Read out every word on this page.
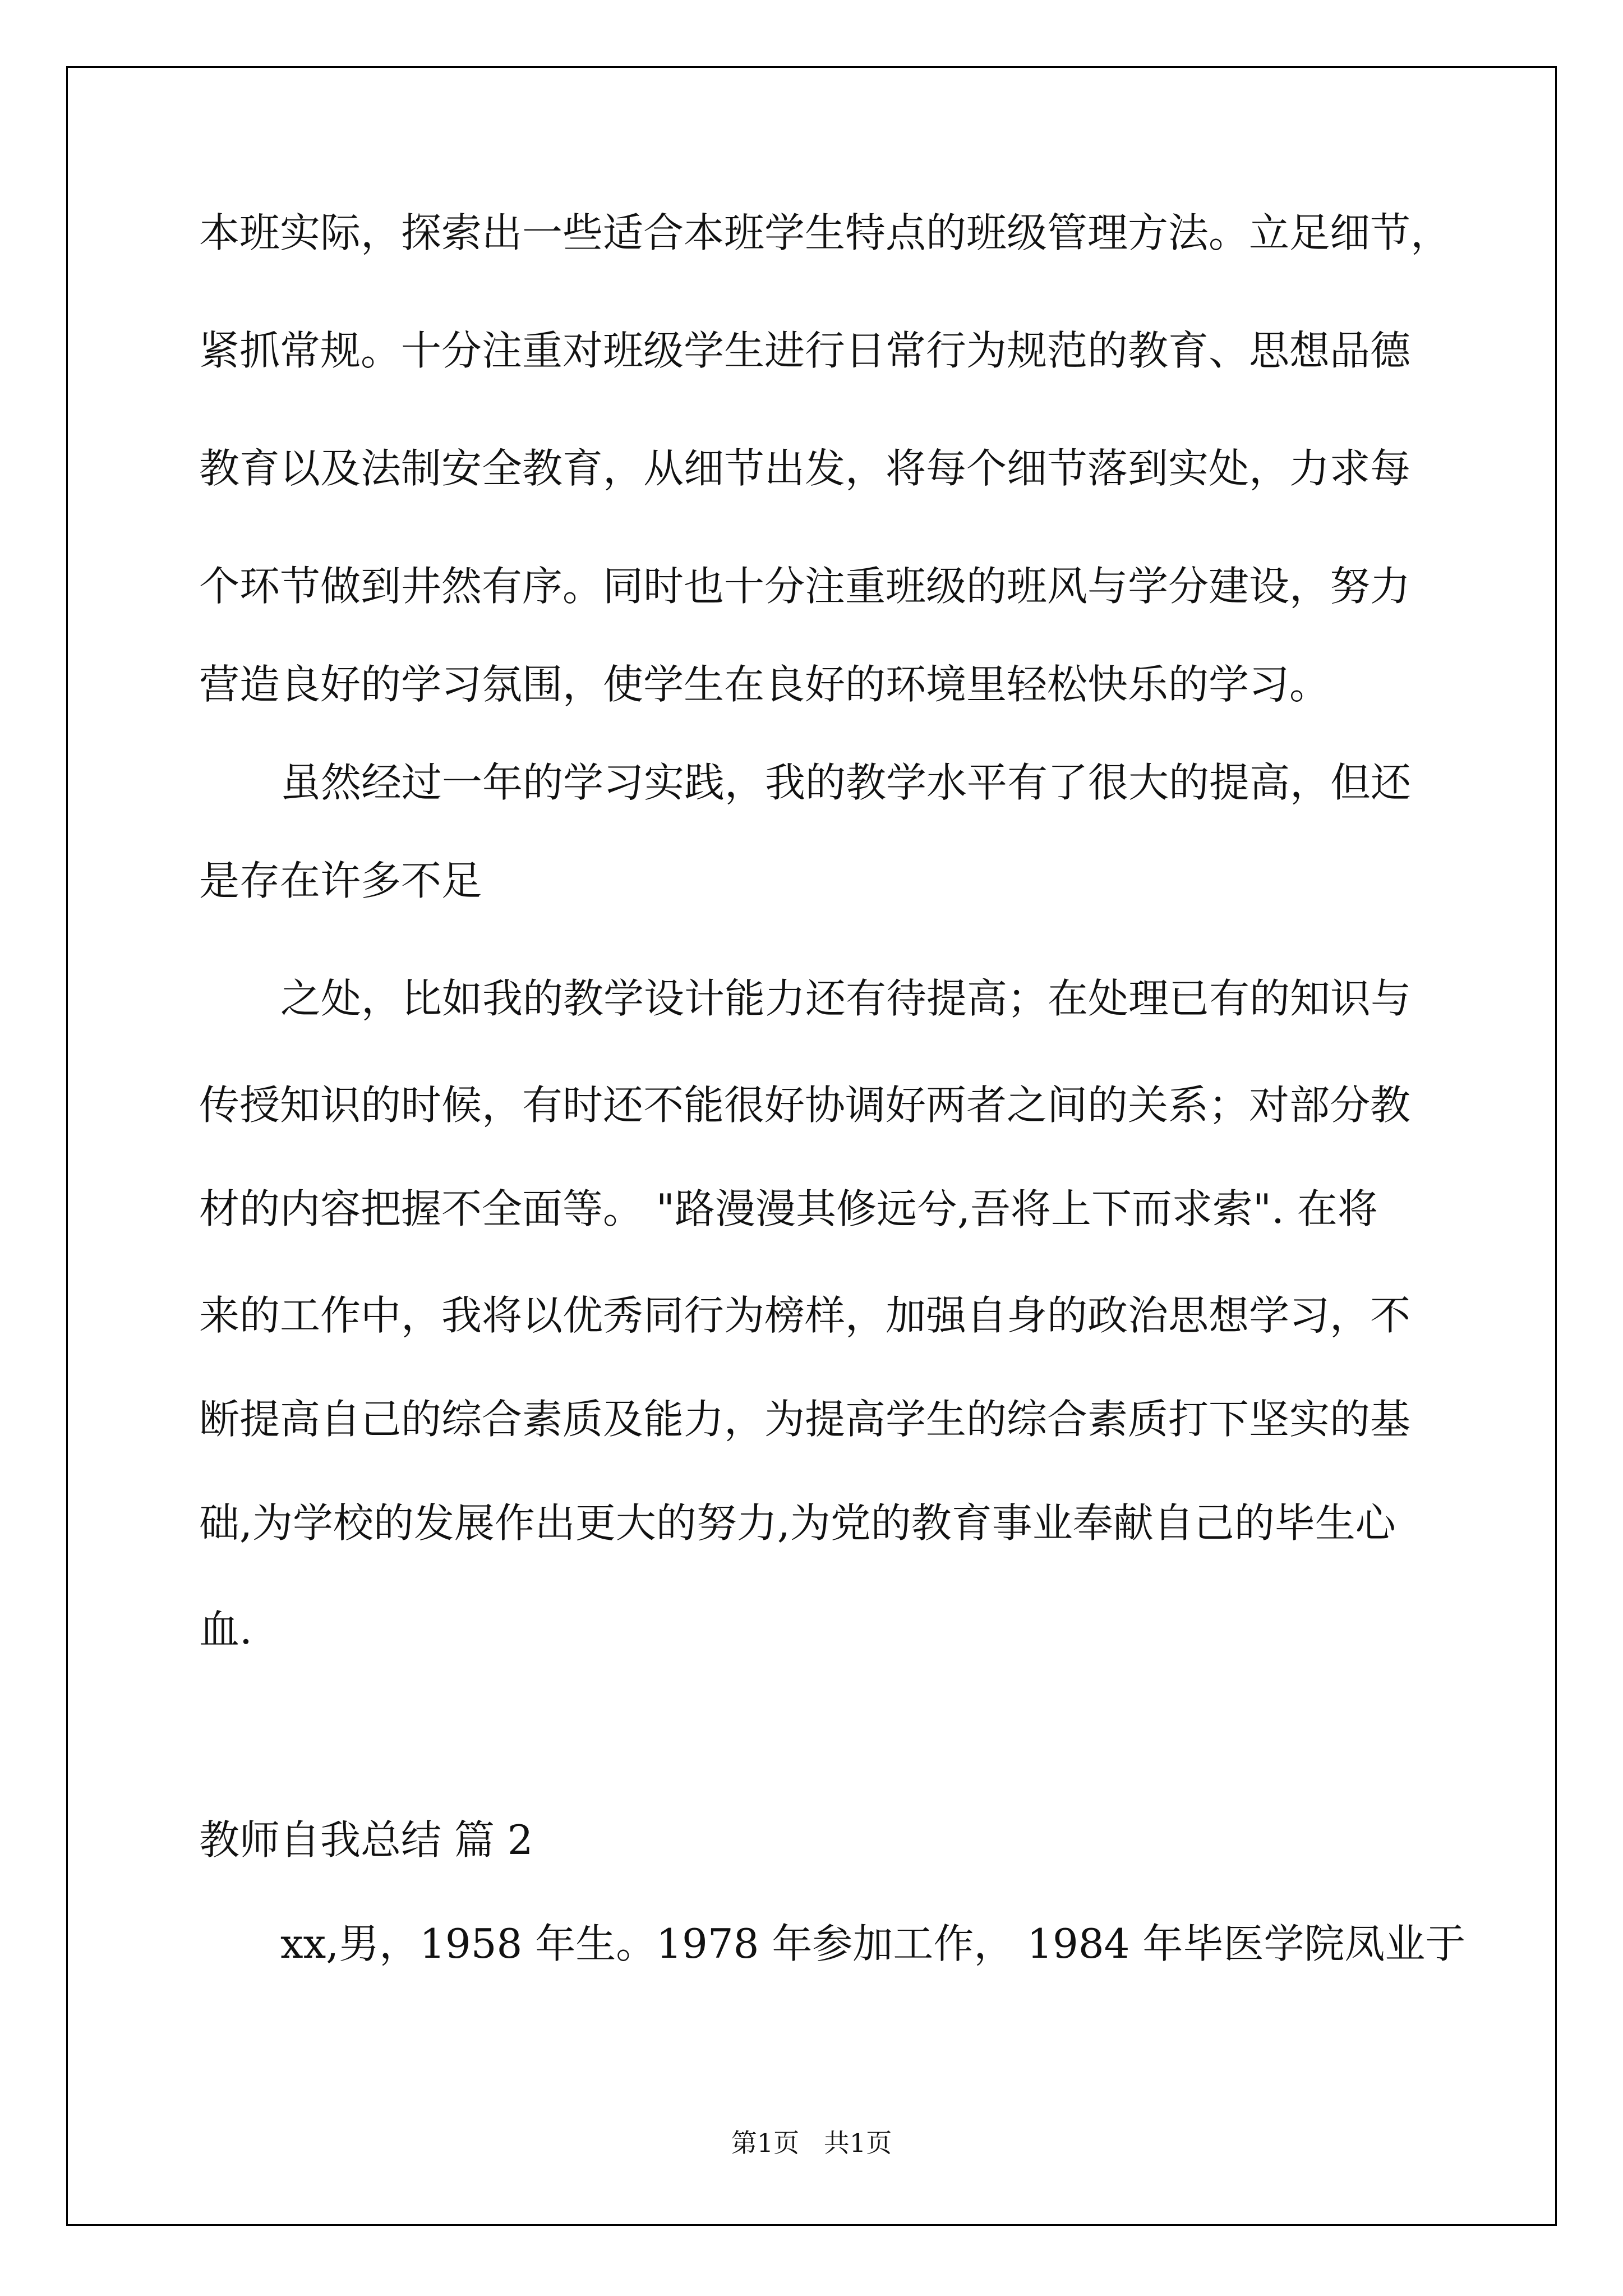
本班实际，探索出一些适合本班学生特点的班级管理方法。立足细节，

紧抓常规。十分注重对班级学生进行日常行为规范的教育、思想品德

教育以及法制安全教育，从细节出发，将每个细节落到实处，力求每

个环节做到井然有序。同时也十分注重班级的班风与学分建设，努力

营造良好的学习氛围，使学生在良好的环境里轻松快乐的学习。

虽然经过一年的学习实践，我的教学水平有了很大的提高，但还

是存在许多不足

之处，比如我的教学设计能力还有待提高；在处理已有的知识与

传授知识的时候，有时还不能很好协调好两者之间的关系；对部分教

材的内容把握不全面等。 "路漫漫其修远兮,吾将上下而求索". 在将

来的工作中，我将以优秀同行为榜样，加强自身的政治思想学习，不

断提高自己的综合素质及能力，为提高学生的综合素质打下坚实的基

础,为学校的发展作出更大的努力,为党的教育事业奉献自己的毕生心

血.

教师自我总结 篇 2

xx,男，1958 年生。1978 年参加工作， 1984 年毕医学院凤业于

第1页   共1页
